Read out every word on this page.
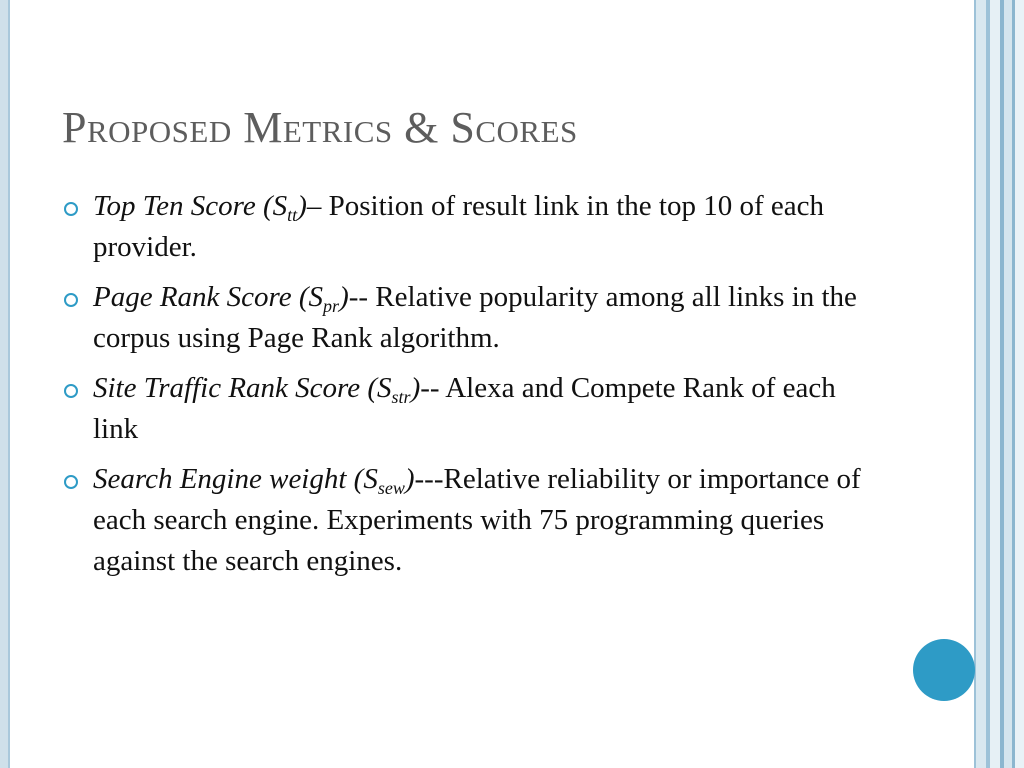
Proposed Metrics & Scores
Top Ten Score $(S_{tt})-$ Position of result link in the top 10 of each provider.
Page Rank Score $(S_{pr})--$ Relative popularity among all links in the corpus using Page Rank algorithm.
Site Traffic Rank Score $(S_{str})--$ Alexa and Compete Rank of each link
Search Engine weight $(S_{sew})--$-Relative reliability or importance of each search engine. Experiments with 75 programming queries against the search engines.
